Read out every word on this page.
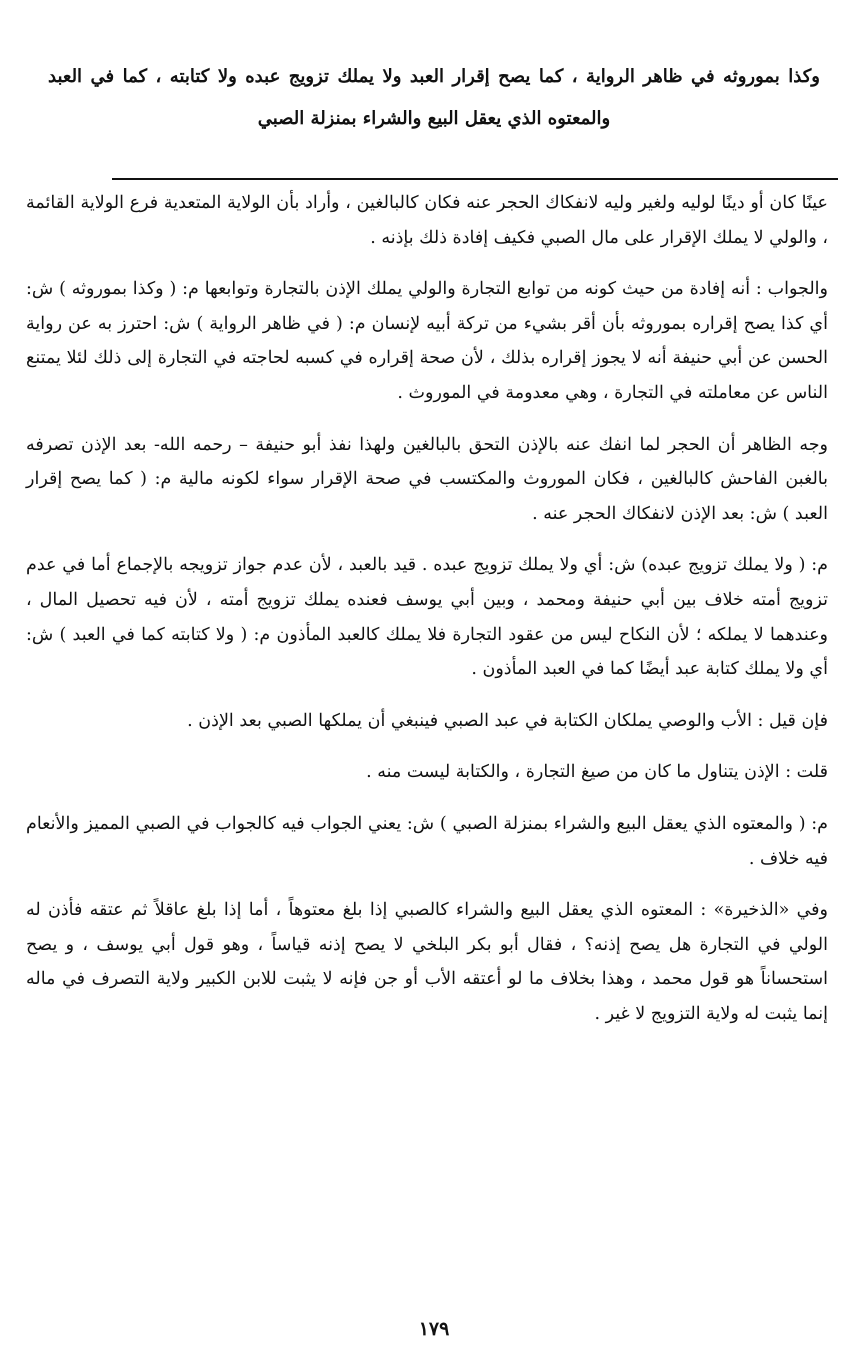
وكذا بموروثه في ظاهر الرواية ، كما يصح إقرار العبد ولا يملك تزويج عبده ولا كتابته ، كما في العبد والمعتوه الذي يعقل البيع والشراء بمنزلة الصبي

عينًا كان أو دينًا لوليه ولغير وليه لانفكاك الحجر عنه فكان كالبالغين ، وأراد بأن الولاية المتعدية فرع الولاية القائمة ، والولي لا يملك الإقرار على مال الصبي فكيف إفادة ذلك بإذنه .

والجواب : أنه إفادة من حيث كونه من توابع التجارة والولي يملك الإذن بالتجارة وتوابعها م: ( وكذا بموروثه ) ش: أي كذا يصح إقراره بموروثه بأن أقر بشيء من تركة أبيه لإنسان م: ( في ظاهر الرواية ) ش: احترز به عن رواية الحسن عن أبي حنيفة أنه لا يجوز إقراره بذلك ، لأن صحة إقراره في كسبه لحاجته في التجارة إلى ذلك لئلا يمتنع الناس عن معاملته في التجارة ، وهي معدومة في الموروث .

وجه الظاهر أن الحجر لما انفك عنه بالإذن التحق بالبالغين ولهذا نفذ أبو حنيفة – رحمه الله- بعد الإذن تصرفه بالغبن الفاحش كالبالغين ، فكان الموروث والمكتسب في صحة الإقرار سواء لكونه مالية م: ( كما يصح إقرار العبد ) ش: بعد الإذن لانفكاك الحجر عنه .

م: ( ولا يملك تزويج عبده) ش: أي ولا يملك تزويج عبده . قيد بالعبد ، لأن عدم جواز تزويجه بالإجماع أما في عدم تزويج أمته خلاف بين أبي حنيفة ومحمد ، وبين أبي يوسف فعنده يملك تزويج أمته ، لأن فيه تحصيل المال ، وعندهما لا يملكه ؛ لأن النكاح ليس من عقود التجارة فلا يملك كالعبد المأذون م: ( ولا كتابته كما في العبد ) ش: أي ولا يملك كتابة عبد أيضًا كما في العبد المأذون .

فإن قيل : الأب والوصي يملكان الكتابة في عبد الصبي فينبغي أن يملكها الصبي بعد الإذن .

قلت : الإذن يتناول ما كان من صيغ التجارة ، والكتابة ليست منه .

م: ( والمعتوه الذي يعقل البيع والشراء بمنزلة الصبي ) ش: يعني الجواب فيه كالجواب في الصبي المميز والأنعام فيه خلاف .

وفي «الذخيرة» : المعتوه الذي يعقل البيع والشراء كالصبي إذا بلغ معتوهاً ، أما إذا بلغ عاقلاً ثم عتقه فأذن له الولي في التجارة هل يصح إذنه؟ ، فقال أبو بكر البلخي لا يصح إذنه قياساً ، وهو قول أبي يوسف ، و يصح استحساناً هو قول محمد ، وهذا بخلاف ما لو أعتقه الأب أو جن فإنه لا يثبت للابن الكبير ولاية التصرف في ماله إنما يثبت له ولاية التزويج لا غير .

١٧٩
